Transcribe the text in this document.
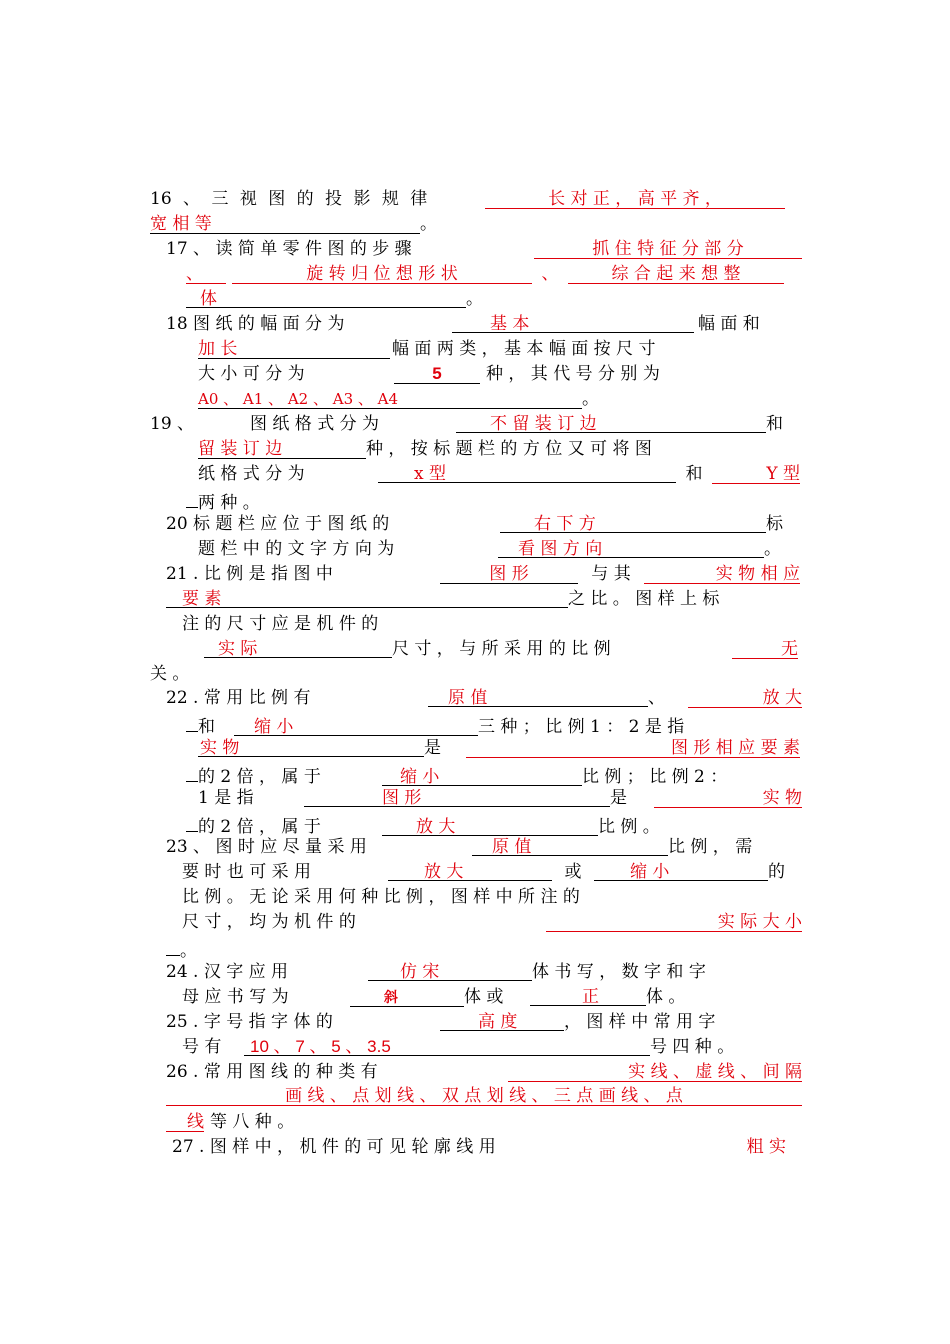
16 、 三 视 图 的 投 影 规 律	长 对 正 ， 高 平 齐 ，
宽 相 等	。
17 、 读 简 单 零 件 图 的 步 骤	抓 住 特 征 分 部 分
、	旋 转 归 位 想 形 状	、	综 合 起 来 想 整
体	。
18 图 纸 的 幅 面 分 为	基 本	幅 面 和
加 长	幅 面 两 类 ， 基 本 幅 面 按 尺 寸
大 小 可 分 为	5	种 ， 其 代 号 分 别 为
A0 、 A1 、 A2 、 A3 、 A4	。
19 、	图 纸 格 式 分 为	不 留 装 订 边	和
留 装 订 边	种 ， 按 标 题 栏 的 方 位 又 可 将 图
纸 格 式 分 为	x 型	和	Y 型
两 种 。
20 标 题 栏 应 位 于 图 纸 的	右 下 方	标
题 栏 中 的 文 字 方 向 为	看 图 方 向	。
21 . 比 例 是 指 图 中	图 形	与 其	实 物 相 应
要 素	之 比 。 图 样 上 标
注 的 尺 寸 应 是 机 件 的
实 际	尺 寸 ， 与 所 采 用 的 比 例	无
关 。
22 . 常 用 比 例 有	原 值	、	放 大
和	缩 小	三 种 ； 比 例 1 ： 2 是 指
实 物	是	图 形 相 应 要 素
的 2 倍 ， 属 于	缩 小	比 例 ； 比 例 2 ：
1 是 指	图 形	是	实 物
的 2 倍 ， 属 于	放 大	比 例 。
23 、 图 时 应 尽 量 采 用	原 值	比 例 ， 需
要 时 也 可 采 用	放 大	或	缩 小	的
比 例 。 无 论 采 用 何 种 比 例 ， 图 样 中 所 注 的
尺 寸 ， 均 为 机 件 的	实 际 大 小
。
24 . 汉 字 应 用	仿 宋	体 书 写 ， 数 字 和 字
母 应 书 写 为	斜	体 或	正	体 。
25 . 字 号 指 字 体 的	高 度	， 图 样 中 常 用 字
号 有	10 、 7 、 5 、 3.5	号 四 种 。
26 . 常 用 图 线 的 种 类 有	实 线 、 虚 线 、 间 隔
画 线 、 点 划 线 、 双 点 划 线 、 三 点 画 线 、 点
线 等 八 种 。
27 . 图 样 中 ， 机 件 的 可 见 轮 廓 线 用	粗 实
